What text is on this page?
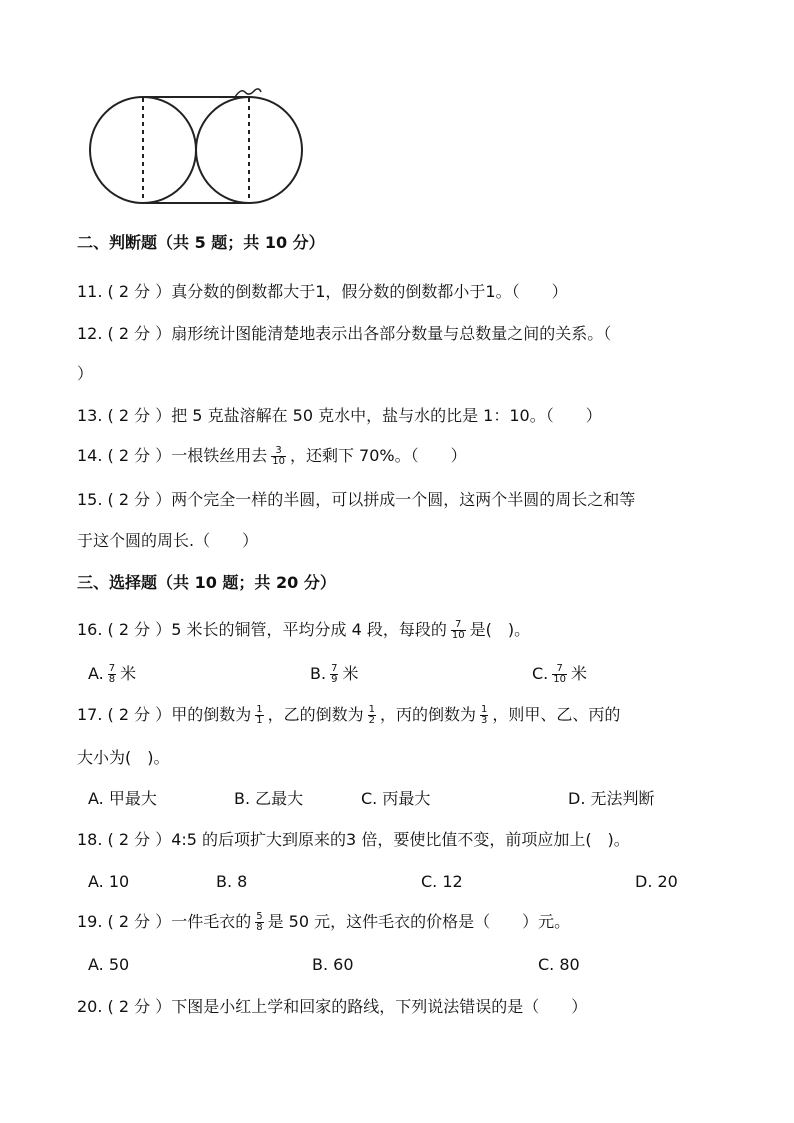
二、判断题（共 5 题；共 10 分）
11. ( 2 分 ）真分数的倒数都大于1，假分数的倒数都小于1。（　　）
12. ( 2 分 ）扇形统计图能清楚地表示出各部分数量与总数量之间的关系。（
）
13. ( 2 分 ）把 5 克盐溶解在 50 克水中，盐与水的比是 1：10。（　　）
14. ( 2 分 ）一根铁丝用去 $\frac{3}{10}$ ，还剩下 70%。（　　）
15. ( 2 分 ）两个完全一样的半圆，可以拼成一个圆，这两个半圆的周长之和等
于这个圆的周长.（　　）
三、选择题（共 10 题；共 20 分）
16. ( 2 分 ）5 米长的铜管，平均分成 4 段，每段的 $\frac{7}{10}$ 是(　)。
A. $\frac{7}{8}$ 米	B. $\frac{7}{9}$ 米	C. $\frac{7}{10}$ 米
17. ( 2 分 ）甲的倒数为 $\frac{1}{1}$ ，乙的倒数为 $\frac{1}{2}$ ，丙的倒数为 $\frac{1}{3}$ ，则甲、乙、丙的
大小为(　)。
A. 甲最大	B. 乙最大	C. 丙最大	D. 无法判断
18. ( 2 分 ）4:5 的后项扩大到原来的3 倍，要使比值不变，前项应加上(　)。
A. 10	B. 8	C. 12	D. 20
19. ( 2 分 ）一件毛衣的 $\frac{5}{8}$ 是 50 元，这件毛衣的价格是（　　）元。
A. 50	B. 60	C. 80
20. ( 2 分 ）下图是小红上学和回家的路线，下列说法错误的是（　　）
